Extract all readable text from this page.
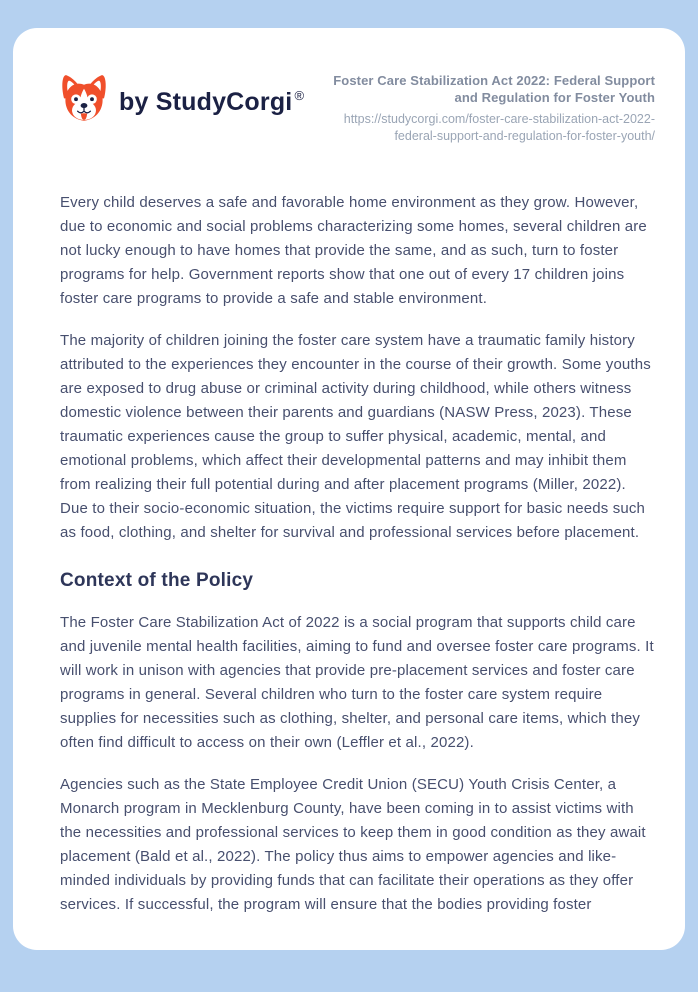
by StudyCorgi ®
Foster Care Stabilization Act 2022: Federal Support and Regulation for Foster Youth
https://studycorgi.com/foster-care-stabilization-act-2022-federal-support-and-regulation-for-foster-youth/

Every child deserves a safe and favorable home environment as they grow. However, due to economic and social problems characterizing some homes, several children are not lucky enough to have homes that provide the same, and as such, turn to foster programs for help. Government reports show that one out of every 17 children joins foster care programs to provide a safe and stable environment.

The majority of children joining the foster care system have a traumatic family history attributed to the experiences they encounter in the course of their growth. Some youths are exposed to drug abuse or criminal activity during childhood, while others witness domestic violence between their parents and guardians (NASW Press, 2023). These traumatic experiences cause the group to suffer physical, academic, mental, and emotional problems, which affect their developmental patterns and may inhibit them from realizing their full potential during and after placement programs (Miller, 2022). Due to their socio-economic situation, the victims require support for basic needs such as food, clothing, and shelter for survival and professional services before placement.

Context of the Policy

The Foster Care Stabilization Act of 2022 is a social program that supports child care and juvenile mental health facilities, aiming to fund and oversee foster care programs. It will work in unison with agencies that provide pre-placement services and foster care programs in general. Several children who turn to the foster care system require supplies for necessities such as clothing, shelter, and personal care items, which they often find difficult to access on their own (Leffler et al., 2022).

Agencies such as the State Employee Credit Union (SECU) Youth Crisis Center, a Monarch program in Mecklenburg County, have been coming in to assist victims with the necessities and professional services to keep them in good condition as they await placement (Bald et al., 2022). The policy thus aims to empower agencies and like-minded individuals by providing funds that can facilitate their operations as they offer services. If successful, the program will ensure that the bodies providing foster
